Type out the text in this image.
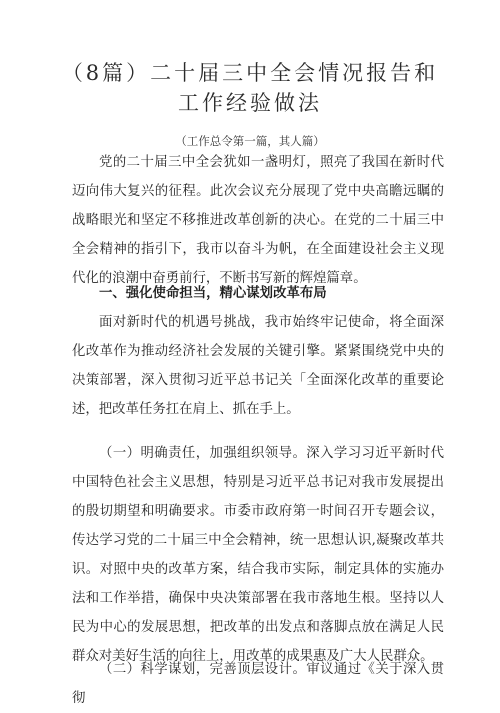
（8篇）二十届三中全会情况报告和工作经验做法

（工作总令第一篇，其人篇）

党的二十届三中全会犹如一盏明灯，照亮了我国在新时代迈向伟大复兴的征程。此次会议充分展现了党中央高瞻远瞩的战略眼光和坚定不移推进改革创新的决心。在党的二十届三中全会精神的指引下，我市以奋斗为帆，在全面建设社会主义现代化的浪潮中奋勇前行，不断书写新的辉煌篇章。

一、强化使命担当，精心谋划改革布局

面对新时代的机遇号挑战，我市始终牢记使命，将全面深化改革作为推动经济社会发展的关键引擎。紧紧围绕党中央的决策部署，深入贯彻习近平总书记关「全面深化改革的重要论述，把改革任务扛在肩上、抓在手上。

（一）明确责任，加强组织领导。深入学习习近平新时代中国特色社会主义思想，特别是习近平总书记对我市发展提出的殷切期望和明确要求。市委市政府第一时间召开专题会议，传达学习党的二十届三中全会精神，统一思想认识,凝聚改革共识。对照中央的改革方案，结合我市实际，制定具体的实施办法和工作举措，确保中央决策部署在我市落地生根。坚持以人民为中心的发展思想，把改革的出发点和落脚点放在满足人民群众对美好生活的向往上，用改革的成果惠及广大人民群众。

（二）科学谋划，完善顶层设计。审议通过《关于深入贯彻
